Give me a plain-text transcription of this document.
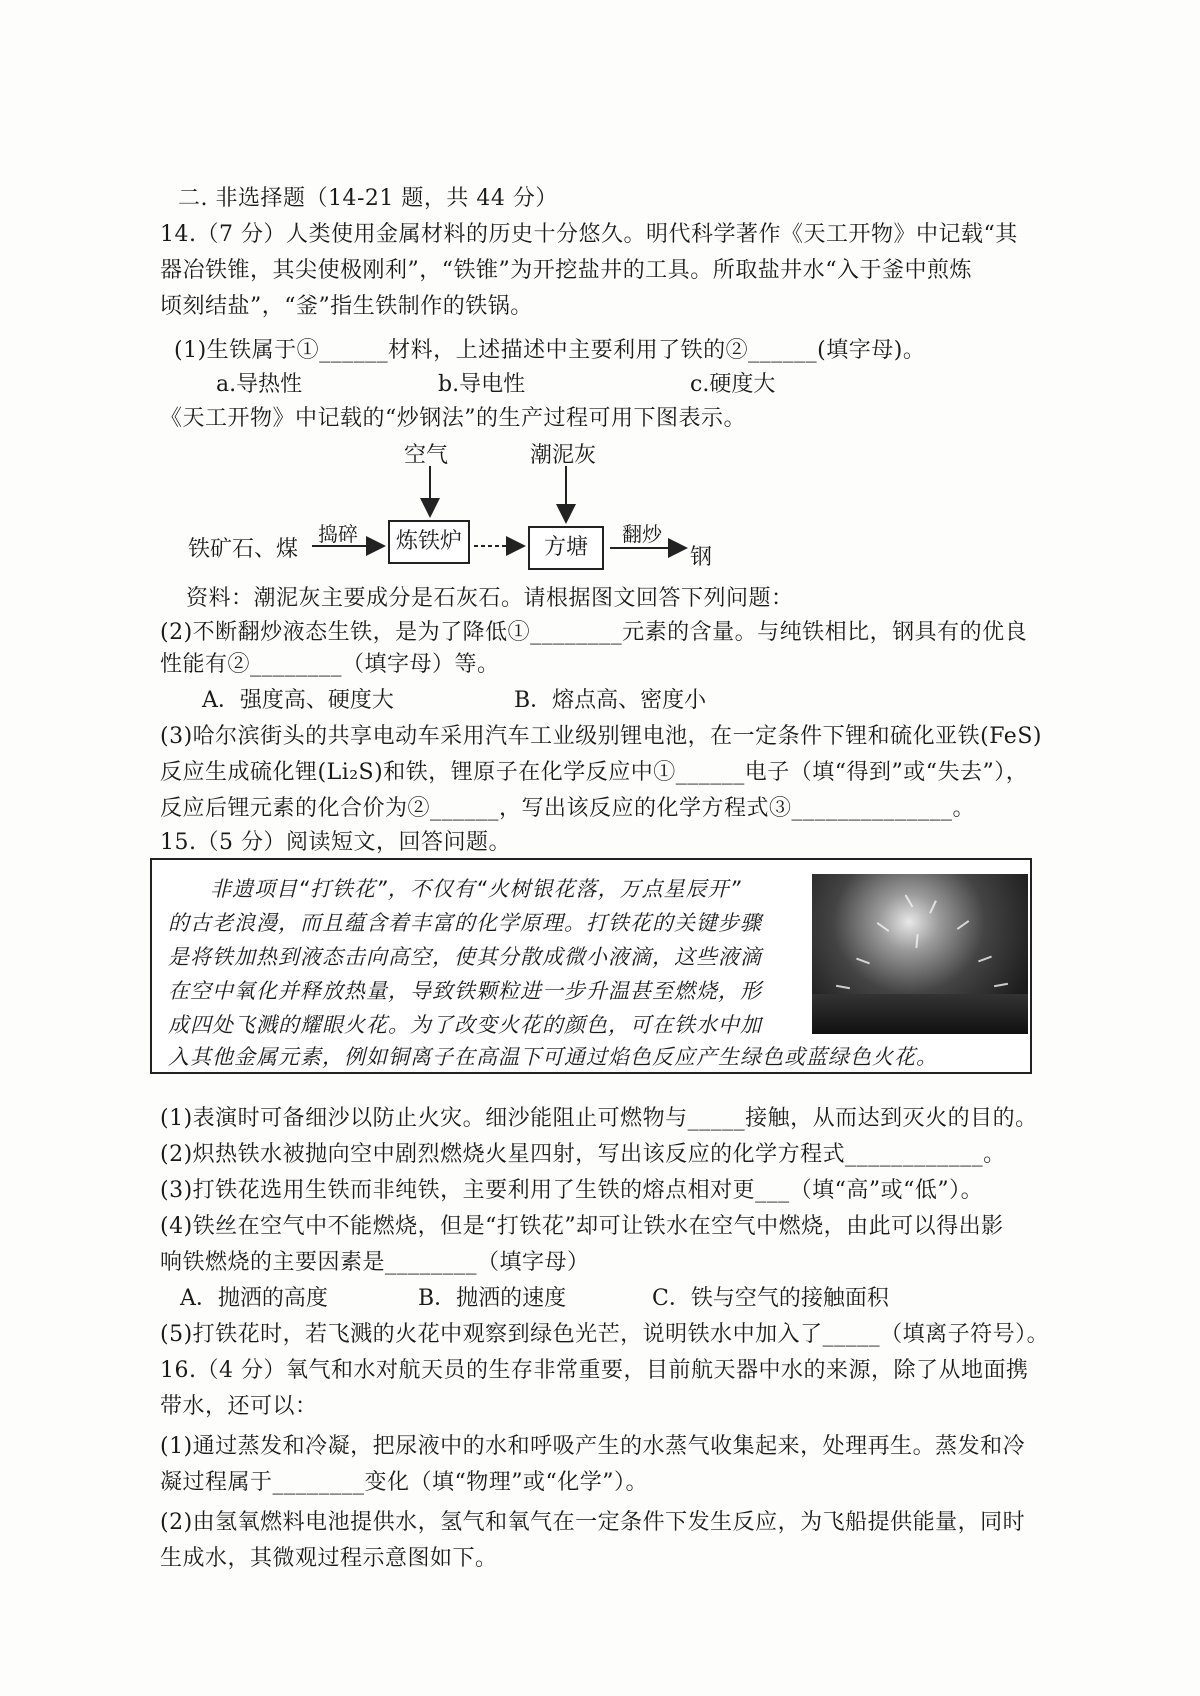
二. 非选择题（14-21 题，共 44 分）
14.（7 分）人类使用金属材料的历史十分悠久。明代科学著作《天工开物》中记载“其
器冶铁锥，其尖使极刚利”，“铁锥”为开挖盐井的工具。所取盐井水“入于釜中煎炼
顷刻结盐”，“釜”指生铁制作的铁锅。
(1)生铁属于①______材料，上述描述中主要利用了铁的②______(填字母)。
a.导热性	b.导电性	c.硬度大
《天工开物》中记载的“炒钢法”的生产过程可用下图表示。
空气	潮泥灰
铁矿石、煤
捣碎	炼铁炉	方塘
翻炒
钢
资料：潮泥灰主要成分是石灰石。请根据图文回答下列问题：
(2)不断翻炒液态生铁，是为了降低①________元素的含量。与纯铁相比，钢具有的优良
性能有②________（填字母）等。
A．强度高、硬度大	B．熔点高、密度小
(3)哈尔滨街头的共享电动车采用汽车工业级别锂电池，在一定条件下锂和硫化亚铁(FeS)
反应生成硫化锂(Li₂S)和铁，锂原子在化学反应中①______电子（填“得到”或“失去”），
反应后锂元素的化合价为②______，写出该反应的化学方程式③______________。
15.（5 分）阅读短文，回答问题。
非遗项目“打铁花”，不仅有“火树银花落，万点星辰开”
的古老浪漫，而且蕴含着丰富的化学原理。打铁花的关键步骤
是将铁加热到液态击向高空，使其分散成微小液滴，这些液滴
在空中氧化并释放热量，导致铁颗粒进一步升温甚至燃烧，形
成四处飞溅的耀眼火花。为了改变火花的颜色，可在铁水中加
入其他金属元素，例如铜离子在高温下可通过焰色反应产生绿色或蓝绿色火花。
(1)表演时可备细沙以防止火灾。细沙能阻止可燃物与_____接触，从而达到灭火的目的。
(2)炽热铁水被抛向空中剧烈燃烧火星四射，写出该反应的化学方程式____________。
(3)打铁花选用生铁而非纯铁，主要利用了生铁的熔点相对更___（填“高”或“低”）。
(4)铁丝在空气中不能燃烧，但是“打铁花”却可让铁水在空气中燃烧，由此可以得出影
响铁燃烧的主要因素是________（填字母）
A．抛洒的高度	B．抛洒的速度	C．铁与空气的接触面积
(5)打铁花时，若飞溅的火花中观察到绿色光芒，说明铁水中加入了_____（填离子符号）。
16.（4 分）氧气和水对航天员的生存非常重要，目前航天器中水的来源，除了从地面携
带水，还可以：
(1)通过蒸发和冷凝，把尿液中的水和呼吸产生的水蒸气收集起来，处理再生。蒸发和冷
凝过程属于________变化（填“物理”或“化学”）。
(2)由氢氧燃料电池提供水，氢气和氧气在一定条件下发生反应，为飞船提供能量，同时
生成水，其微观过程示意图如下。
